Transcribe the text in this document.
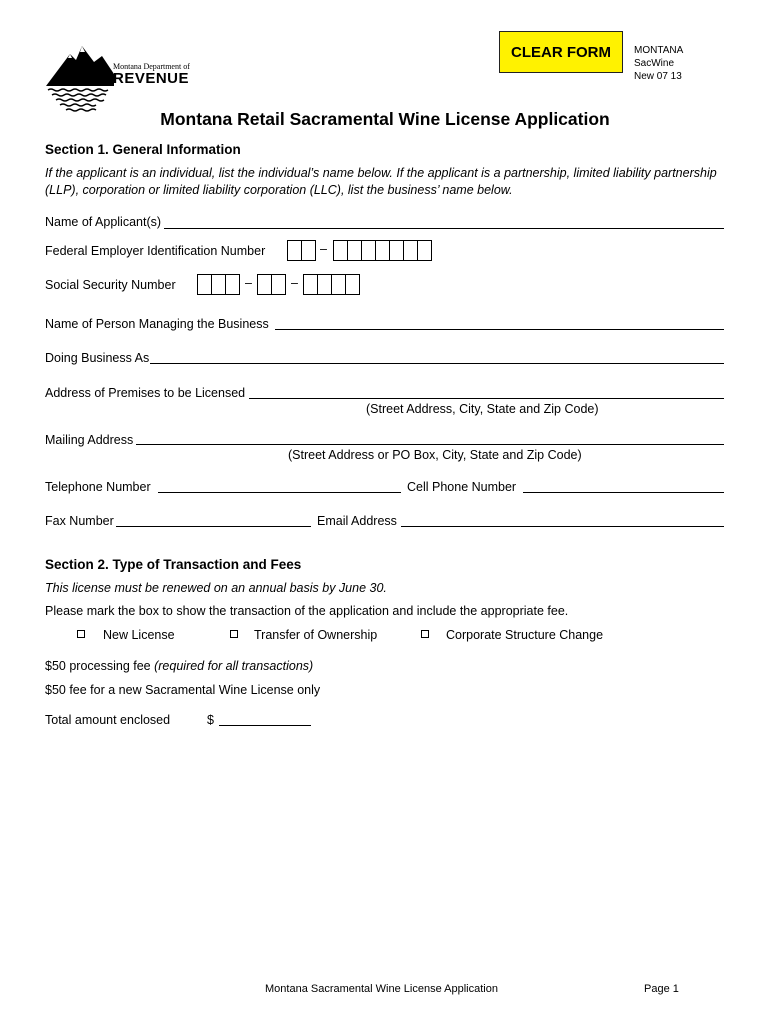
Montana Department of
REVENUE
CLEAR FORM	MONTANA
SacWine
New 07 13
Montana Retail Sacramental Wine License Application
Section 1. General Information
If the applicant is an individual, list the individual’s name below. If the applicant is a partnership, limited liability partnership
(LLP), corporation or limited liability corporation (LLC), list the business’ name below.
Name of Applicant(s)
Federal Employer Identification Number	–
Social Security Number	–	–
Name of Person Managing the Business
Doing Business As
Address of Premises to be Licensed
(Street Address, City, State and Zip Code)
Mailing Address
(Street Address or PO Box, City, State and Zip Code)
Telephone Number	Cell Phone Number
Fax Number	Email Address
Section 2. Type of Transaction and Fees
This license must be renewed on an annual basis by June 30.
Please mark the box to show the transaction of the application and include the appropriate fee.
New License	Transfer of Ownership	Corporate Structure Change
$50 processing fee (required for all transactions)
$50 fee for a new Sacramental Wine License only
Total amount enclosed	$
Montana Sacramental Wine License Application	Page 1
